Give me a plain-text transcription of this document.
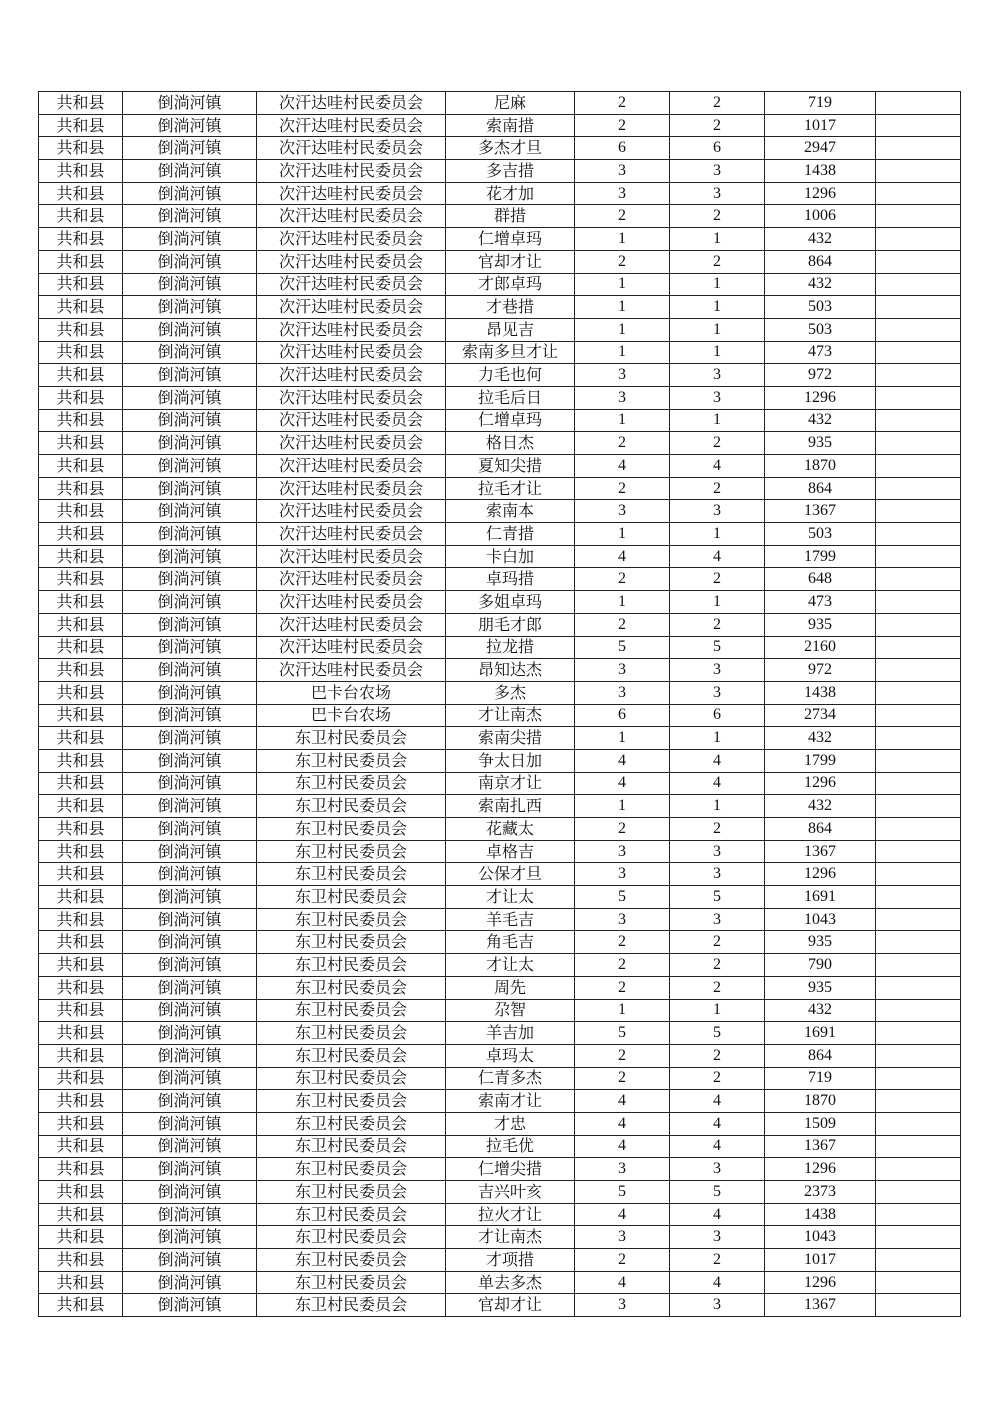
共和县	倒淌河镇	次汗达哇村民委员会	尼麻	2	2	719	
共和县	倒淌河镇	次汗达哇村民委员会	索南措	2	2	1017	
共和县	倒淌河镇	次汗达哇村民委员会	多杰才旦	6	6	2947	
共和县	倒淌河镇	次汗达哇村民委员会	多吉措	3	3	1438	
共和县	倒淌河镇	次汗达哇村民委员会	花才加	3	3	1296	
共和县	倒淌河镇	次汗达哇村民委员会	群措	2	2	1006	
共和县	倒淌河镇	次汗达哇村民委员会	仁增卓玛	1	1	432	
共和县	倒淌河镇	次汗达哇村民委员会	官却才让	2	2	864	
共和县	倒淌河镇	次汗达哇村民委员会	才郎卓玛	1	1	432	
共和县	倒淌河镇	次汗达哇村民委员会	才巷措	1	1	503	
共和县	倒淌河镇	次汗达哇村民委员会	昂见吉	1	1	503	
共和县	倒淌河镇	次汗达哇村民委员会	索南多旦才让	1	1	473	
共和县	倒淌河镇	次汗达哇村民委员会	力毛也何	3	3	972	
共和县	倒淌河镇	次汗达哇村民委员会	拉毛后日	3	3	1296	
共和县	倒淌河镇	次汗达哇村民委员会	仁增卓玛	1	1	432	
共和县	倒淌河镇	次汗达哇村民委员会	格日杰	2	2	935	
共和县	倒淌河镇	次汗达哇村民委员会	夏知尖措	4	4	1870	
共和县	倒淌河镇	次汗达哇村民委员会	拉毛才让	2	2	864	
共和县	倒淌河镇	次汗达哇村民委员会	索南本	3	3	1367	
共和县	倒淌河镇	次汗达哇村民委员会	仁青措	1	1	503	
共和县	倒淌河镇	次汗达哇村民委员会	卡白加	4	4	1799	
共和县	倒淌河镇	次汗达哇村民委员会	卓玛措	2	2	648	
共和县	倒淌河镇	次汗达哇村民委员会	多姐卓玛	1	1	473	
共和县	倒淌河镇	次汗达哇村民委员会	朋毛才郎	2	2	935	
共和县	倒淌河镇	次汗达哇村民委员会	拉龙措	5	5	2160	
共和县	倒淌河镇	次汗达哇村民委员会	昂知达杰	3	3	972	
共和县	倒淌河镇	巴卡台农场	多杰	3	3	1438	
共和县	倒淌河镇	巴卡台农场	才让南杰	6	6	2734	
共和县	倒淌河镇	东卫村民委员会	索南尖措	1	1	432	
共和县	倒淌河镇	东卫村民委员会	争太日加	4	4	1799	
共和县	倒淌河镇	东卫村民委员会	南京才让	4	4	1296	
共和县	倒淌河镇	东卫村民委员会	索南扎西	1	1	432	
共和县	倒淌河镇	东卫村民委员会	花藏太	2	2	864	
共和县	倒淌河镇	东卫村民委员会	卓格吉	3	3	1367	
共和县	倒淌河镇	东卫村民委员会	公保才旦	3	3	1296	
共和县	倒淌河镇	东卫村民委员会	才让太	5	5	1691	
共和县	倒淌河镇	东卫村民委员会	羊毛吉	3	3	1043	
共和县	倒淌河镇	东卫村民委员会	角毛吉	2	2	935	
共和县	倒淌河镇	东卫村民委员会	才让太	2	2	790	
共和县	倒淌河镇	东卫村民委员会	周先	2	2	935	
共和县	倒淌河镇	东卫村民委员会	尕智	1	1	432	
共和县	倒淌河镇	东卫村民委员会	羊吉加	5	5	1691	
共和县	倒淌河镇	东卫村民委员会	卓玛太	2	2	864	
共和县	倒淌河镇	东卫村民委员会	仁青多杰	2	2	719	
共和县	倒淌河镇	东卫村民委员会	索南才让	4	4	1870	
共和县	倒淌河镇	东卫村民委员会	才忠	4	4	1509	
共和县	倒淌河镇	东卫村民委员会	拉毛优	4	4	1367	
共和县	倒淌河镇	东卫村民委员会	仁增尖措	3	3	1296	
共和县	倒淌河镇	东卫村民委员会	吉兴叶亥	5	5	2373	
共和县	倒淌河镇	东卫村民委员会	拉火才让	4	4	1438	
共和县	倒淌河镇	东卫村民委员会	才让南杰	3	3	1043	
共和县	倒淌河镇	东卫村民委员会	才项措	2	2	1017	
共和县	倒淌河镇	东卫村民委员会	单去多杰	4	4	1296	
共和县	倒淌河镇	东卫村民委员会	官却才让	3	3	1367	
